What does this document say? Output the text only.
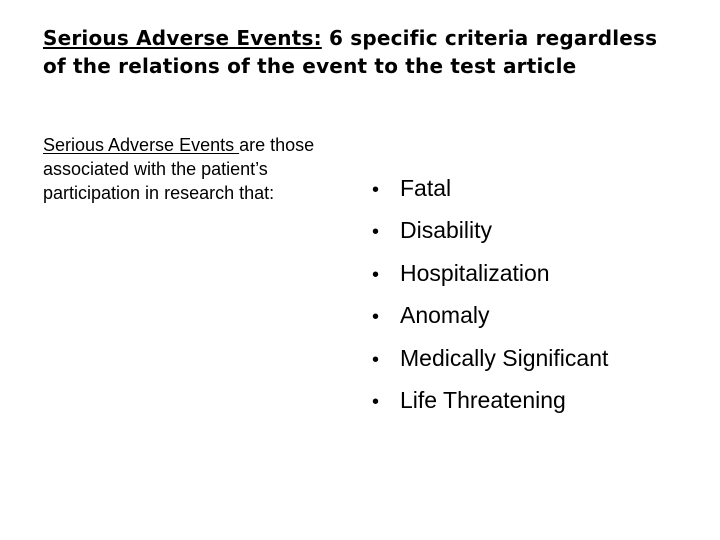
Serious Adverse Events: 6 specific criteria regardless of the relations of the event to the test article

Serious Adverse Events are those associated with the patient’s participation in research that:	• Fatal
• Disability
• Hospitalization
• Anomaly
• Medically Significant
• Life Threatening
